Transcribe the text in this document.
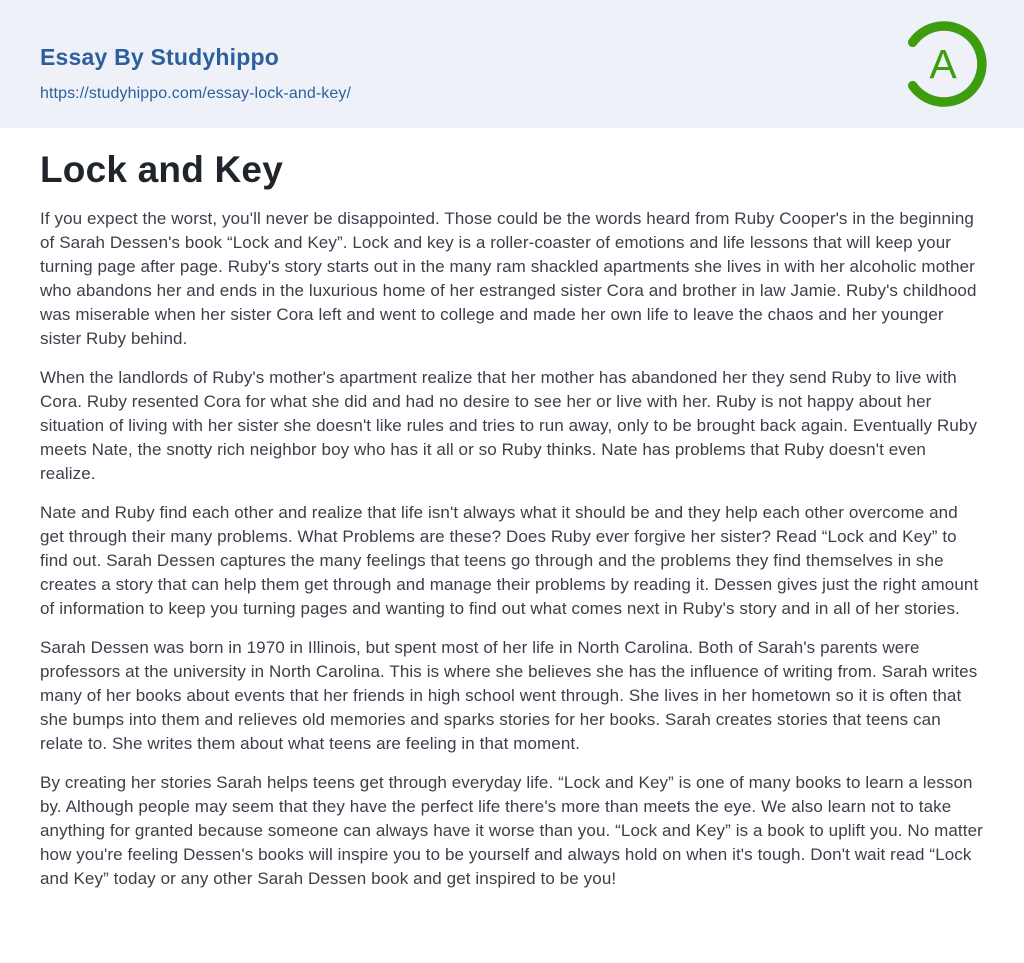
Essay By Studyhippo
https://studyhippo.com/essay-lock-and-key/
A
Lock and Key

If you expect the worst, you'll never be disappointed. Those could be the words heard from Ruby Cooper's in the beginning of Sarah Dessen's book “Lock and Key”. Lock and key is a roller-coaster of emotions and life lessons that will keep your turning page after page. Ruby's story starts out in the many ram shackled apartments she lives in with her alcoholic mother who abandons her and ends in the luxurious home of her estranged sister Cora and brother in law Jamie. Ruby's childhood was miserable when her sister Cora left and went to college and made her own life to leave the chaos and her younger sister Ruby behind.

When the landlords of Ruby's mother's apartment realize that her mother has abandoned her they send Ruby to live with Cora. Ruby resented Cora for what she did and had no desire to see her or live with her. Ruby is not happy about her situation of living with her sister she doesn't like rules and tries to run away, only to be brought back again. Eventually Ruby meets Nate, the snotty rich neighbor boy who has it all or so Ruby thinks. Nate has problems that Ruby doesn't even realize.

Nate and Ruby find each other and realize that life isn't always what it should be and they help each other overcome and get through their many problems. What Problems are these? Does Ruby ever forgive her sister? Read “Lock and Key” to find out. Sarah Dessen captures the many feelings that teens go through and the problems they find themselves in she creates a story that can help them get through and manage their problems by reading it. Dessen gives just the right amount of information to keep you turning pages and wanting to find out what comes next in Ruby's story and in all of her stories.

Sarah Dessen was born in 1970 in Illinois, but spent most of her life in North Carolina. Both of Sarah's parents were professors at the university in North Carolina. This is where she believes she has the influence of writing from. Sarah writes many of her books about events that her friends in high school went through. She lives in her hometown so it is often that she bumps into them and relieves old memories and sparks stories for her books. Sarah creates stories that teens can relate to. She writes them about what teens are feeling in that moment.

By creating her stories Sarah helps teens get through everyday life. “Lock and Key” is one of many books to learn a lesson by. Although people may seem that they have the perfect life there's more than meets the eye. We also learn not to take anything for granted because someone can always have it worse than you. “Lock and Key” is a book to uplift you. No matter how you're feeling Dessen's books will inspire you to be yourself and always hold on when it's tough. Don't wait read “Lock and Key” today or any other Sarah Dessen book and get inspired to be you!
